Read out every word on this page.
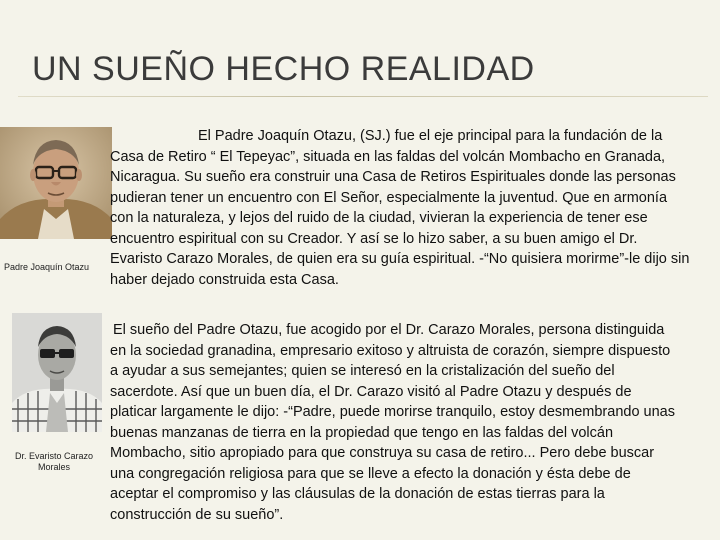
UN SUEÑO HECHO REALIDAD
Padre Joaquín Otazu
Dr. Evaristo Carazo Morales

El Padre Joaquín Otazu, (SJ.) fue el eje principal para la fundación de la Casa de Retiro “ El Tepeyac”, situada en las faldas del volcán Mombacho en Granada, Nicaragua. Su sueño era construir una Casa de Retiros Espirituales donde las personas pudieran tener un encuentro con El Señor, especialmente la juventud. Que en armonía con la naturaleza, y lejos del ruido de la ciudad, vivieran la experiencia de tener ese encuentro espiritual con su Creador. Y así se lo hizo saber, a su buen amigo el Dr. Evaristo Carazo Morales, de quien era su guía espiritual. -“No quisiera morirme”-le dijo sin haber dejado construida esta Casa.

El sueño del Padre Otazu, fue acogido por el Dr. Carazo Morales, persona distinguida en la sociedad granadina, empresario exitoso y altruista de corazón, siempre dispuesto a ayudar a sus semejantes; quien se interesó en la cristalización del sueño del sacerdote. Así que un buen día, el Dr. Carazo visitó al Padre Otazu y después de platicar largamente le dijo: -“Padre, puede morirse tranquilo, estoy desmembrando unas buenas manzanas de tierra en la propiedad que tengo en las faldas del volcán Mombacho, sitio apropiado para que construya su casa de retiro... Pero debe buscar una congregación religiosa para que se lleve a efecto la donación y ésta debe de aceptar el compromiso y las cláusulas de la donación de estas tierras para la construcción de su sueño”.
